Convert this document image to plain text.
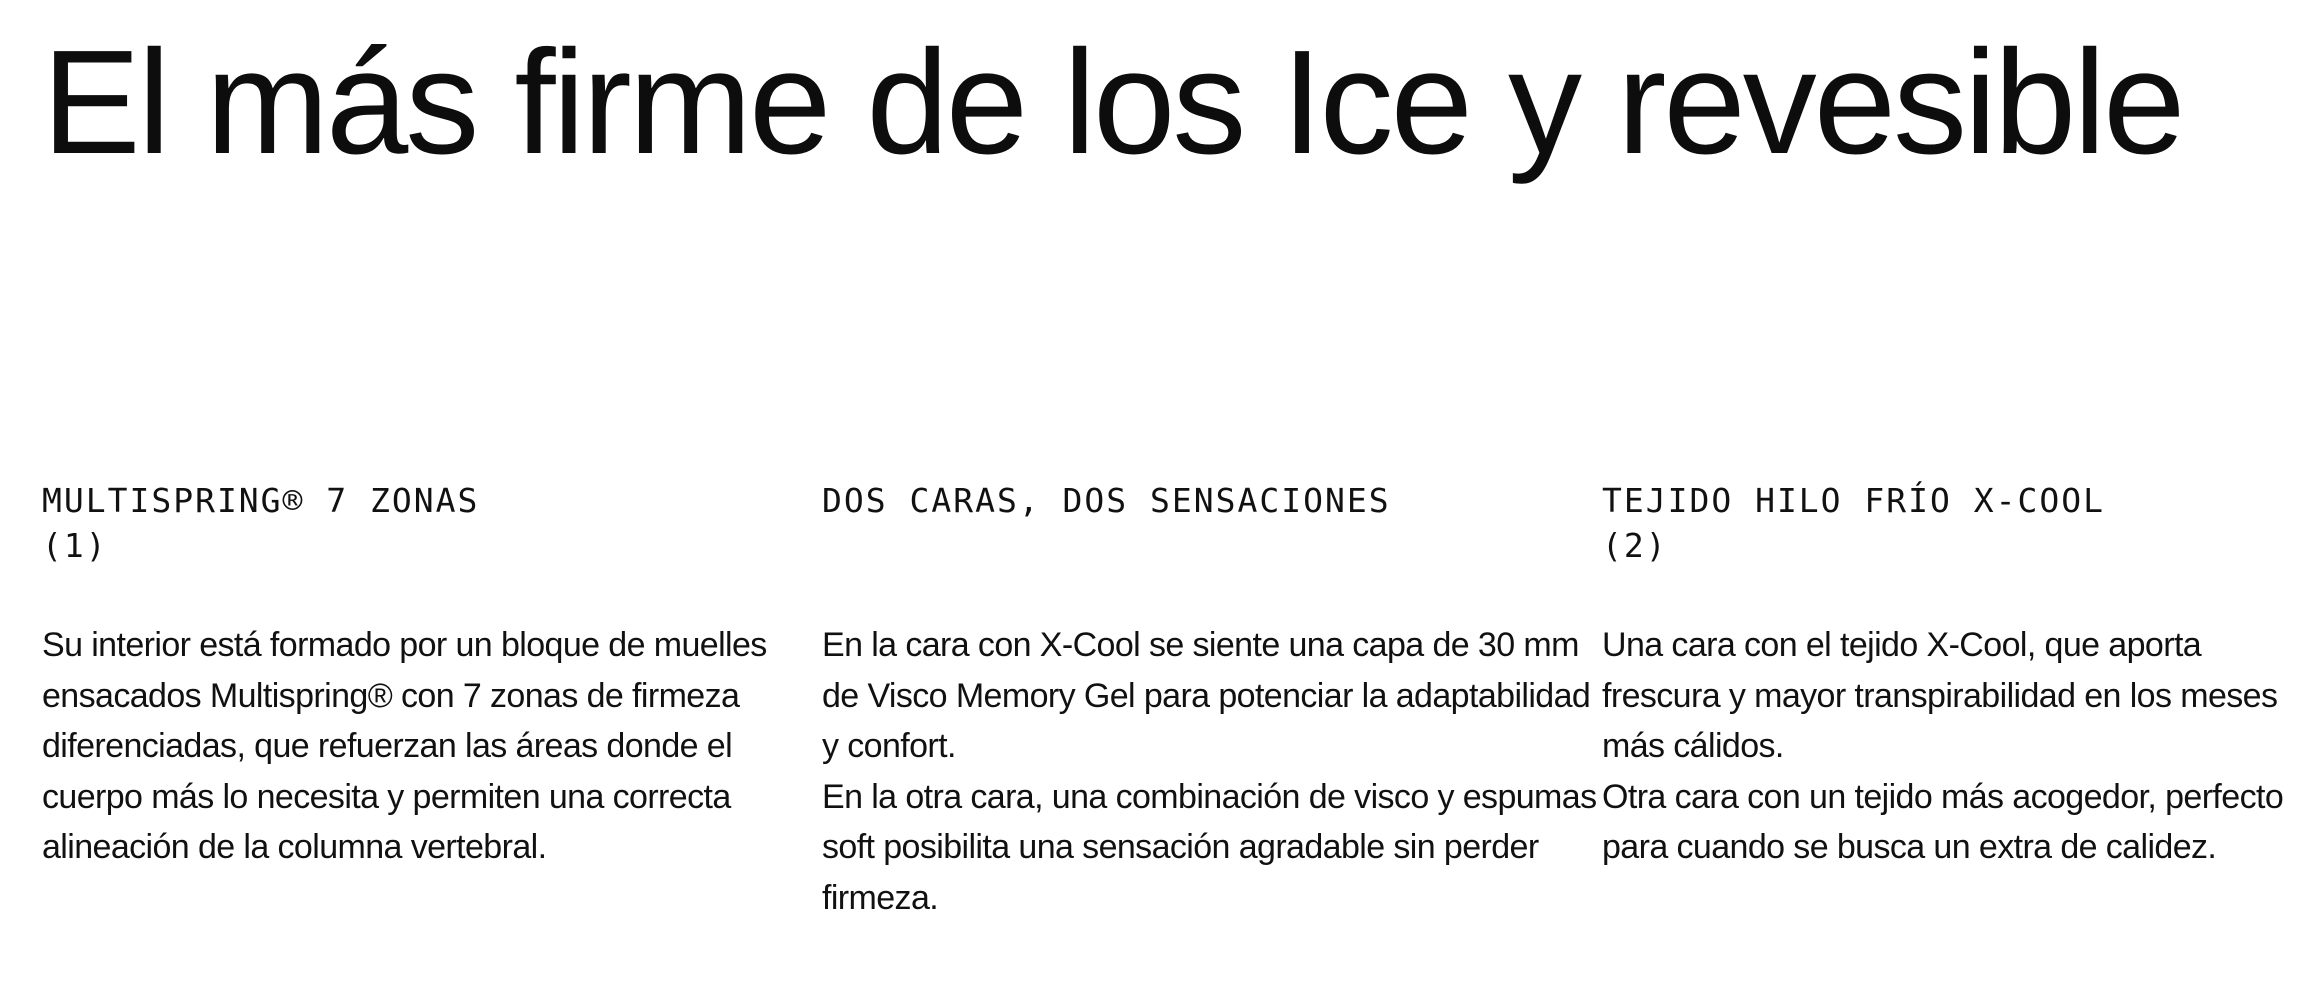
El más firme de los Ice y revesible
MULTISPRING® 7 ZONAS
(1)

Su interior está formado por un bloque de muelles ensacados Multispring® con 7 zonas de firmeza diferenciadas, que refuerzan las áreas donde el cuerpo más lo necesita y permiten una correcta alineación de la columna vertebral.

DOS CARAS, DOS SENSACIONES

En la cara con X-Cool se siente una capa de 30 mm de Visco Memory Gel para potenciar la adaptabilidad y confort.

En la otra cara, una combinación de visco y espumas soft posibilita una sensación agradable sin perder firmeza.

TEJIDO HILO FRÍO X-COOL
(2)

Una cara con el tejido X-Cool, que aporta frescura y mayor transpirabilidad en los meses más cálidos.

Otra cara con un tejido más acogedor, perfecto para cuando se busca un extra de calidez.
